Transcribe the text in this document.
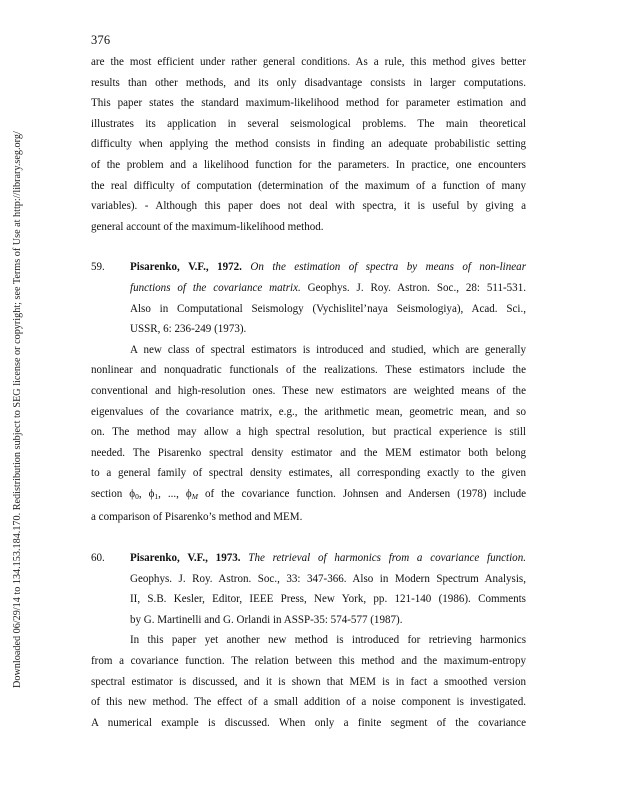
Downloaded 06/29/14 to 134.153.184.170. Redistribution subject to SEG license or copyright; see Terms of Use at http://library.seg.org/
376
are the most efficient under rather general conditions. As a rule, this method gives better
results than other methods, and its only disadvantage consists in larger computations.
This paper states the standard maximum-likelihood method for parameter estimation and
illustrates its application in several seismological problems. The main theoretical
difficulty when applying the method consists in finding an adequate probabilistic setting
of the problem and a likelihood function for the parameters. In practice, one encounters
the real difficulty of computation (determination of the maximum of a function of many
variables). - Although this paper does not deal with spectra, it is useful by giving a
general account of the maximum-likelihood method.
59. Pisarenko, V.F., 1972. On the estimation of spectra by means of non-linear
functions of the covariance matrix. Geophys. J. Roy. Astron. Soc., 28: 511-531.
Also in Computational Seismology (Vychislitel’naya Seismologiya), Acad. Sci.,
USSR, 6: 236-249 (1973).
A new class of spectral estimators is introduced and studied, which are generally
nonlinear and nonquadratic functionals of the realizations. These estimators include the
conventional and high-resolution ones. These new estimators are weighted means of the
eigenvalues of the covariance matrix, e.g., the arithmetic mean, geometric mean, and so
on. The method may allow a high spectral resolution, but practical experience is still
needed. The Pisarenko spectral density estimator and the MEM estimator both belong
to a general family of spectral density estimates, all corresponding exactly to the given
section $\phi_0$, $\phi_1$, ..., $\phi_M$ of the covariance function. Johnsen and Andersen (1978) include
a comparison of Pisarenko’s method and MEM.
60. Pisarenko, V.F., 1973. The retrieval of harmonics from a covariance function.
Geophys. J. Roy. Astron. Soc., 33: 347-366. Also in Modern Spectrum Analysis,
II, S.B. Kesler, Editor, IEEE Press, New York, pp. 121-140 (1986). Comments
by G. Martinelli and G. Orlandi in ASSP-35: 574-577 (1987).
In this paper yet another new method is introduced for retrieving harmonics
from a covariance function. The relation between this method and the maximum-entropy
spectral estimator is discussed, and it is shown that MEM is in fact a smoothed version
of this new method. The effect of a small addition of a noise component is investigated.
A numerical example is discussed. When only a finite segment of the covariance
